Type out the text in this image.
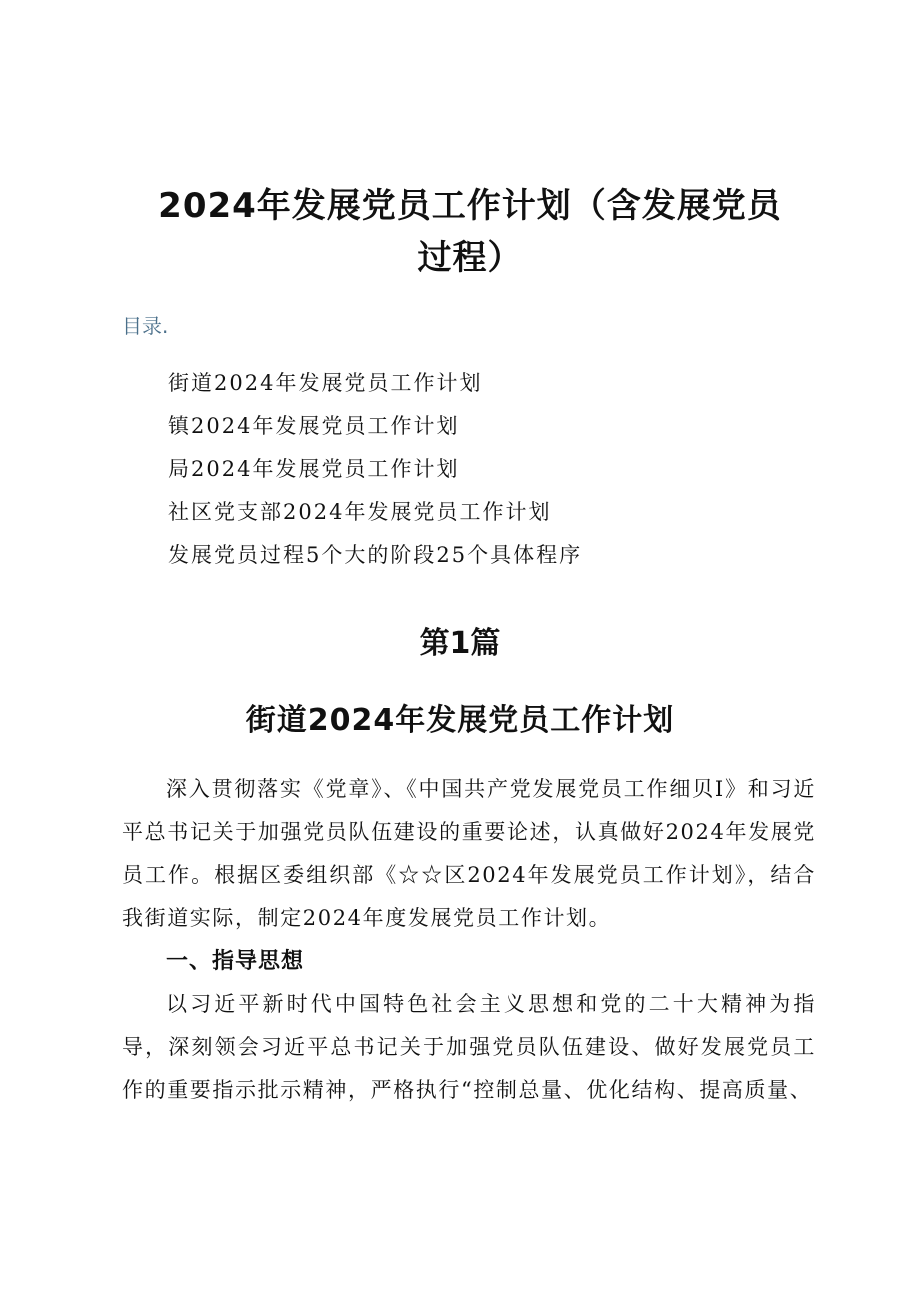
2024年发展党员工作计划（含发展党员过程）
目录.
街道2024年发展党员工作计划
镇2024年发展党员工作计划
局2024年发展党员工作计划
社区党支部2024年发展党员工作计划
发展党员过程5个大的阶段25个具体程序
第1篇
街道2024年发展党员工作计划

深入贯彻落实《党章》、《中国共产党发展党员工作细贝I》和习近平总书记关于加强党员队伍建设的重要论述，认真做好2024年发展党员工作。根据区委组织部《☆☆区2024年发展党员工作计划》，结合我街道实际，制定2024年度发展党员工作计划。

一、指导思想

以习近平新时代中国特色社会主义思想和党的二十大精神为指导，深刻领会习近平总书记关于加强党员队伍建设、做好发展党员工作的重要指示批示精神，严格执行“控制总量、优化结构、提高质量、
